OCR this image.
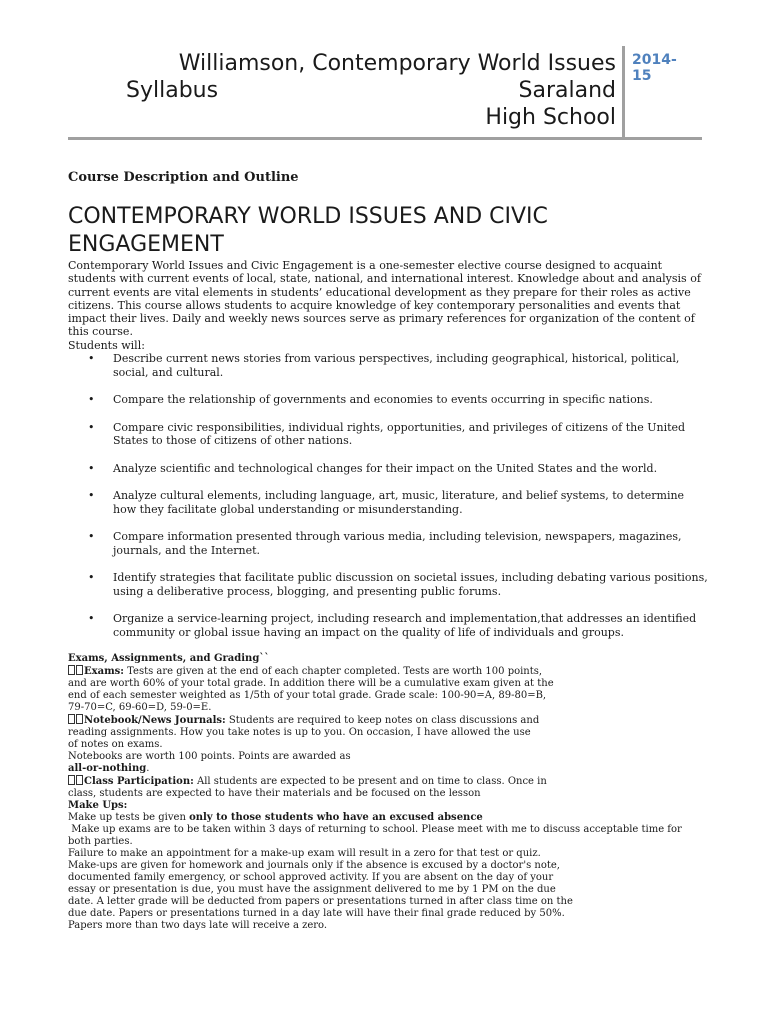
Williamson, Contemporary World Issues
Syllabus	Saraland
High School
2014-
15
Course Description and Outline
CONTEMPORARY WORLD ISSUES AND CIVIC ENGAGEMENT

Contemporary World Issues and Civic Engagement is a one-semester elective course designed to acquaint students with current events of local, state, national, and international interest. Knowledge about and analysis of current events are vital elements in students’ educational development as they prepare for their roles as active citizens. This course allows students to acquire knowledge of key contemporary personalities and events that impact their lives. Daily and weekly news sources serve as primary references for organization of the content of this course.

Students will:

• Describe current news stories from various perspectives, including geographical, historical, political, social, and cultural.
• Compare the relationship of governments and economies to events occurring in specific nations.
• Compare civic responsibilities, individual rights, opportunities, and privileges of citizens of the United States to those of citizens of other nations.
• Analyze scientific and technological changes for their impact on the United States and the world.
• Analyze cultural elements, including language, art, music, literature, and belief systems, to determine how they facilitate global understanding or misunderstanding.
• Compare information presented through various media, including television, newspapers, magazines, journals, and the Internet.
• Identify strategies that facilitate public discussion on societal issues, including debating various positions, using a deliberative process, blogging, and presenting public forums.
• Organize a service-learning project, including research and implementation,that addresses an identified community or global issue having an impact on the quality of life of individuals and groups.
Exams, Assignments, and Grading``
Exams: Tests are given at the end of each chapter completed. Tests are worth 100 points,
and are worth 60% of your total grade. In addition there will be a cumulative exam given at the
end of each semester weighted as 1/5th of your total grade. Grade scale: 100-90=A, 89-80=B,
79-70=C, 69-60=D, 59-0=E.
Notebook/News Journals: Students are required to keep notes on class discussions and
reading assignments. How you take notes is up to you. On occasion, I have allowed the use
of notes on exams.
Notebooks are worth 100 points. Points are awarded as
all-or-nothing.
Class Participation: All students are expected to be present and on time to class. Once in
class, students are expected to have their materials and be focused on the lesson
Make Ups:
Make up tests be given only to those students who have an excused absence
Make up exams are to be taken within 3 days of returning to school. Please meet with me to discuss acceptable time for
both parties.
Failure to make an appointment for a make-up exam will result in a zero for that test or quiz.
Make-ups are given for homework and journals only if the absence is excused by a doctor's note,
documented family emergency, or school approved activity. If you are absent on the day of your
essay or presentation is due, you must have the assignment delivered to me by 1 PM on the due
date. A letter grade will be deducted from papers or presentations turned in after class time on the
due date. Papers or presentations turned in a day late will have their final grade reduced by 50%.
Papers more than two days late will receive a zero.
